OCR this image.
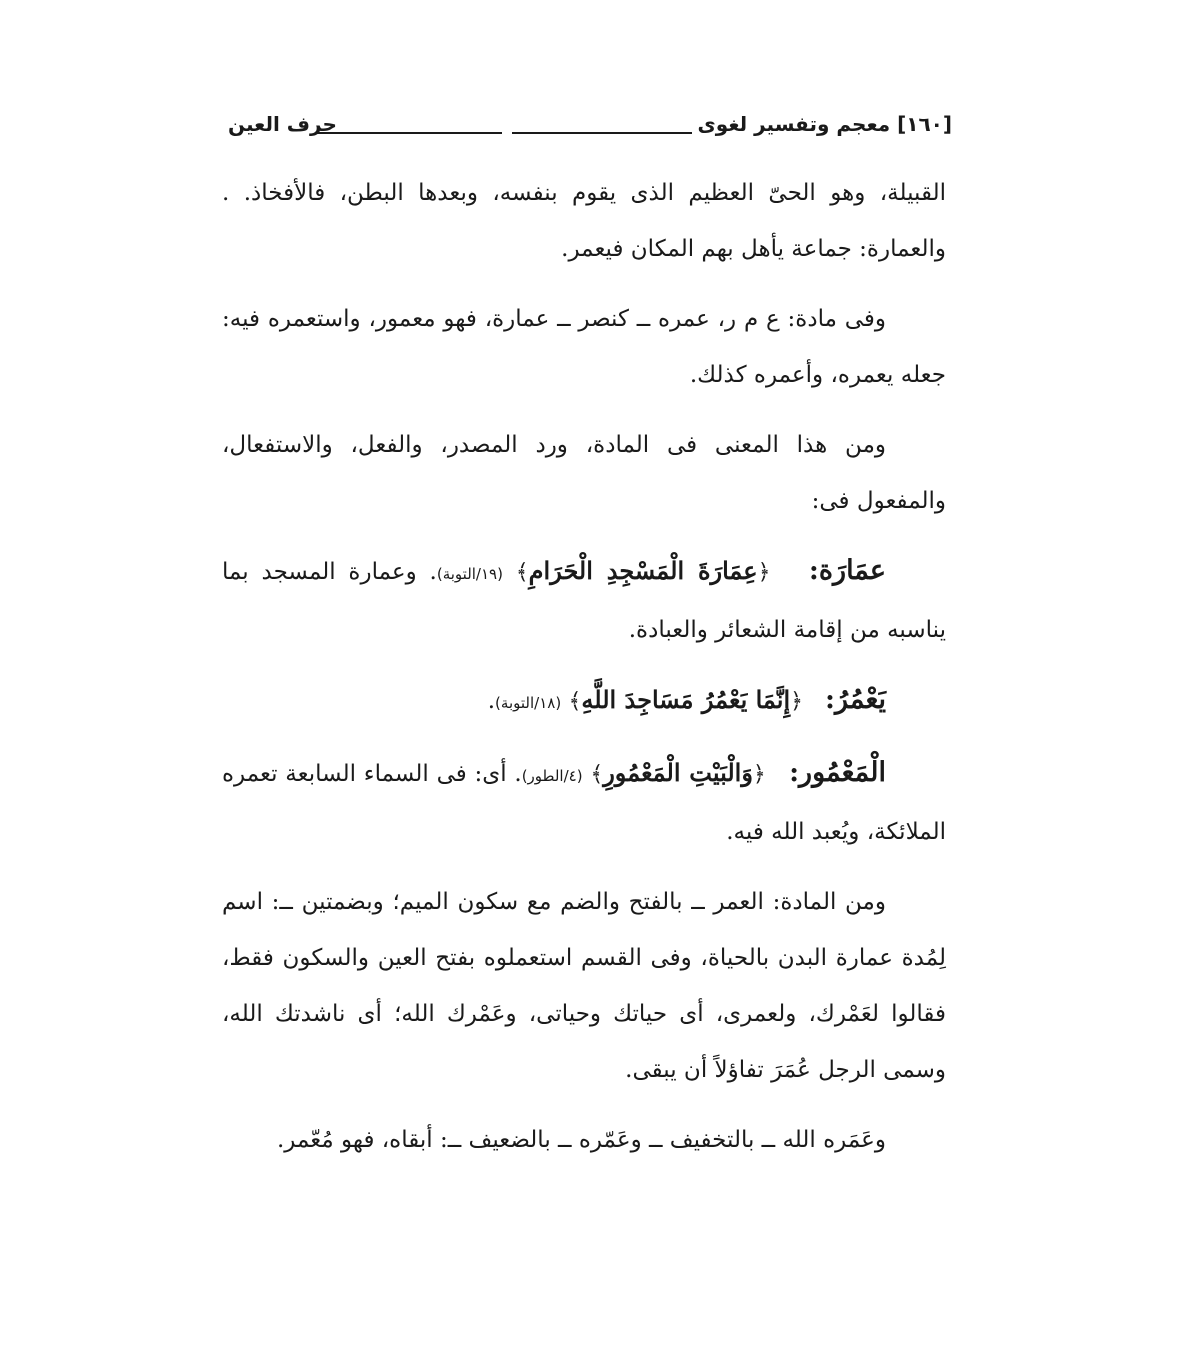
[١٦٠] معجم وتفسير لغوى
حرف العين

القبيلة، وهو الحىّ العظيم الذى يقوم بنفسه، وبعدها البطن، فالأفخاذ. . والعمارة: جماعة يأهل بهم المكان فيعمر.

وفى مادة: ع م ر، عمره ــ كنصر ــ عمارة، فهو معمور، واستعمره فيه: جعله يعمره، وأعمره كذلك.

ومن هذا المعنى فى المادة، ورد المصدر، والفعل، والاستفعال، والمفعول فى:

عمَارَة:   ﴿عِمَارَةَ الْمَسْجِدِ الْحَرَامِ﴾ (١٩/التوبة). وعمارة المسجد بما يناسبه من إقامة الشعائر والعبادة.

يَعْمُرُ:   ﴿إِنَّمَا يَعْمُرُ مَسَاجِدَ اللَّهِ﴾ (١٨/التوبة).

الْمَعْمُور:   ﴿وَالْبَيْتِ الْمَعْمُورِ﴾ (٤/الطور). أى: فى السماء السابعة تعمره الملائكة، ويُعبد الله فيه.

ومن المادة: العمر ــ بالفتح والضم مع سكون الميم؛ وبضمتين ــ: اسم لِمُدة عمارة البدن بالحياة، وفى القسم استعملوه بفتح العين والسكون فقط، فقالوا لعَمْرك، ولعمرى، أى حياتك وحياتى، وعَمْرك الله؛ أى ناشدتك الله، وسمى الرجل عُمَرَ تفاؤلاً أن يبقى.

وعَمَره الله ــ بالتخفيف ــ وعَمّره ــ بالضعيف ــ: أبقاه، فهو مُعّمر.
